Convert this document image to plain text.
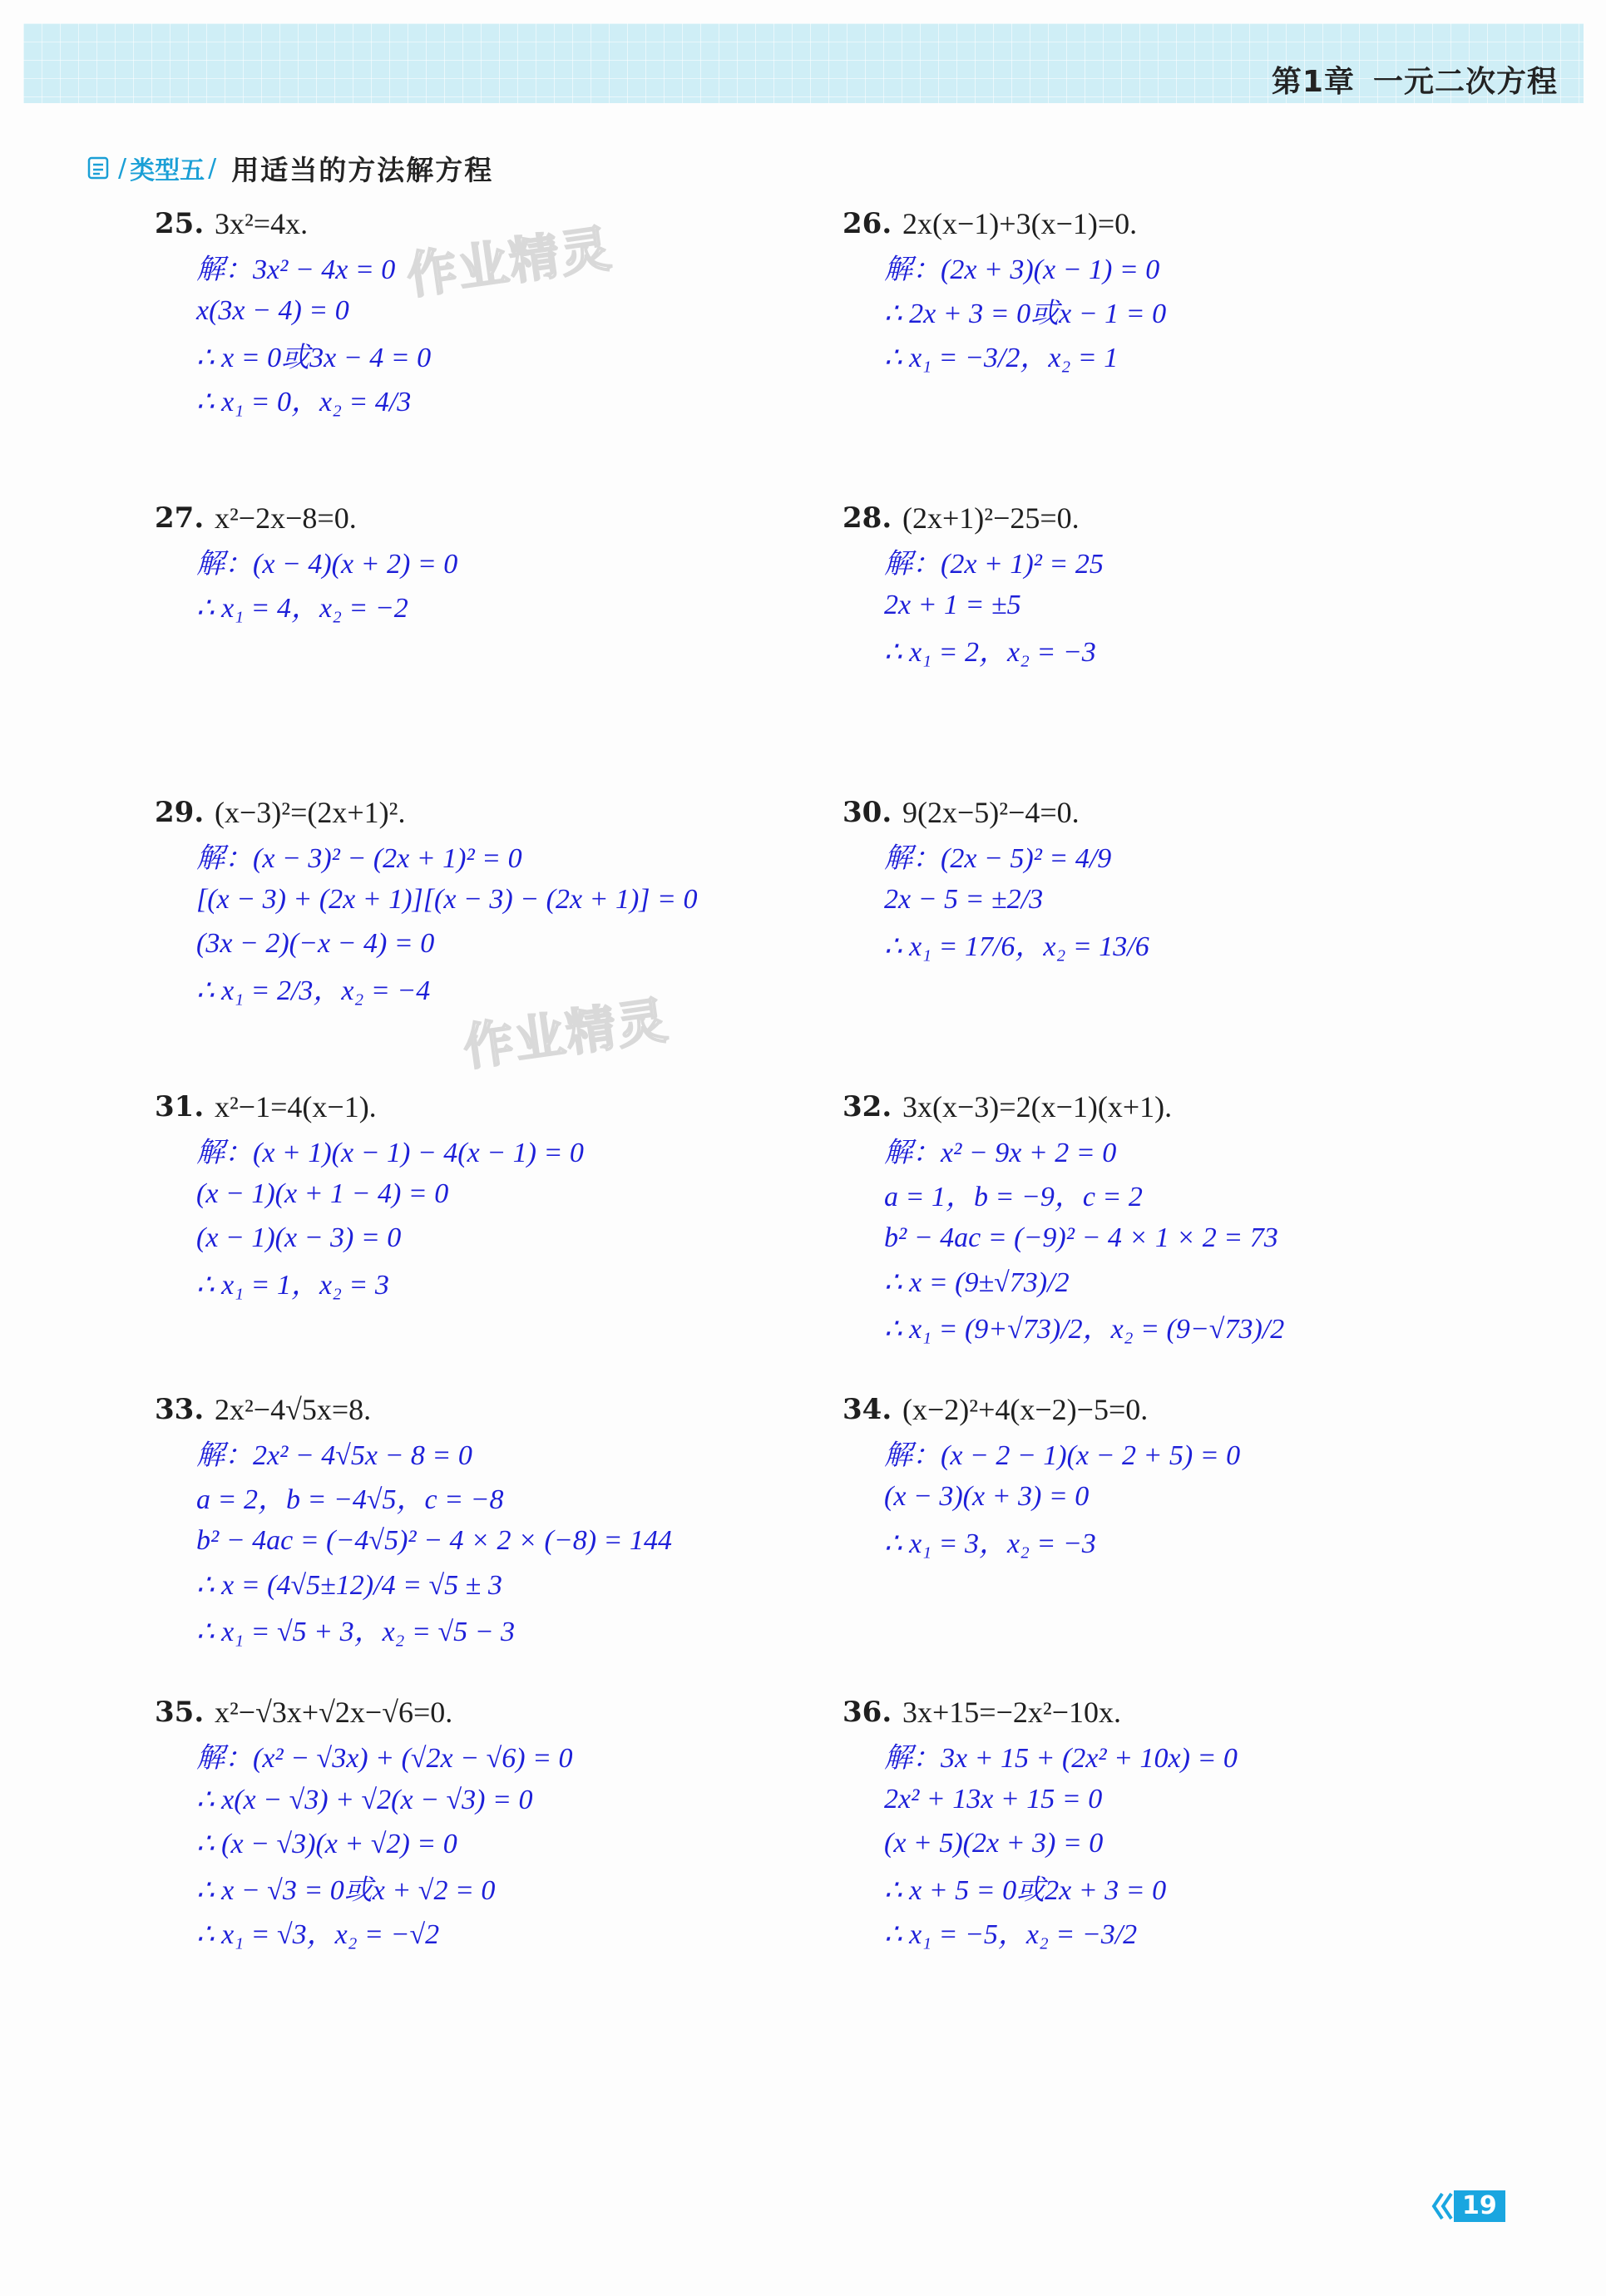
第1章 一元二次方程
/ 类型五 / 用适当的方法解方程
25. 3x²=4x.
解：3x² − 4x = 0
x(3x − 4) = 0
∴ x = 0或3x − 4 = 0
∴ x₁ = 0，x₂ = 4/3
26. 2x(x−1)+3(x−1)=0.
解：(2x + 3)(x − 1) = 0
∴ 2x + 3 = 0或x − 1 = 0
∴ x₁ = −3/2，x₂ = 1
27. x²−2x−8=0.
解：(x − 4)(x + 2) = 0
∴ x₁ = 4，x₂ = −2
28. (2x+1)²−25=0.
解：(2x + 1)² = 25
2x + 1 = ±5
∴ x₁ = 2，x₂ = −3
29. (x−3)²=(2x+1)².
解：(x − 3)² − (2x + 1)² = 0
[(x − 3) + (2x + 1)][(x − 3) − (2x + 1)] = 0
(3x − 2)(−x − 4) = 0
∴ x₁ = 2/3，x₂ = −4
30. 9(2x−5)²−4=0.
解：(2x − 5)² = 4/9
2x − 5 = ±2/3
∴ x₁ = 17/6，x₂ = 13/6
31. x²−1=4(x−1).
解：(x + 1)(x − 1) − 4(x − 1) = 0
(x − 1)(x + 1 − 4) = 0
(x − 1)(x − 3) = 0
∴ x₁ = 1，x₂ = 3
32. 3x(x−3)=2(x−1)(x+1).
解：x² − 9x + 2 = 0
a = 1，b = −9，c = 2
b² − 4ac = (−9)² − 4 × 1 × 2 = 73
∴ x = (9±√73)/2
∴ x₁ = (9+√73)/2，x₂ = (9−√73)/2
33. 2x²−4√5x=8.
解：2x² − 4√5x − 8 = 0
a = 2，b = −4√5，c = −8
b² − 4ac = (−4√5)² − 4 × 2 × (−8) = 144
∴ x = (4√5±12)/4 = √5 ± 3
∴ x₁ = √5 + 3，x₂ = √5 − 3
34. (x−2)²+4(x−2)−5=0.
解：(x − 2 − 1)(x − 2 + 5) = 0
(x − 3)(x + 3) = 0
∴ x₁ = 3，x₂ = −3
35. x²−√3x+√2x−√6=0.
解：(x² − √3x) + (√2x − √6) = 0
∴ x(x − √3) + √2(x − √3) = 0
∴ (x − √3)(x + √2) = 0
∴ x − √3 = 0或x + √2 = 0
∴ x₁ = √3，x₂ = −√2
36. 3x+15=−2x²−10x.
解：3x + 15 + (2x² + 10x) = 0
2x² + 13x + 15 = 0
(x + 5)(2x + 3) = 0
∴ x + 5 = 0或2x + 3 = 0
∴ x₁ = −5，x₂ = −3/2
作业精灵
作业精灵
19
